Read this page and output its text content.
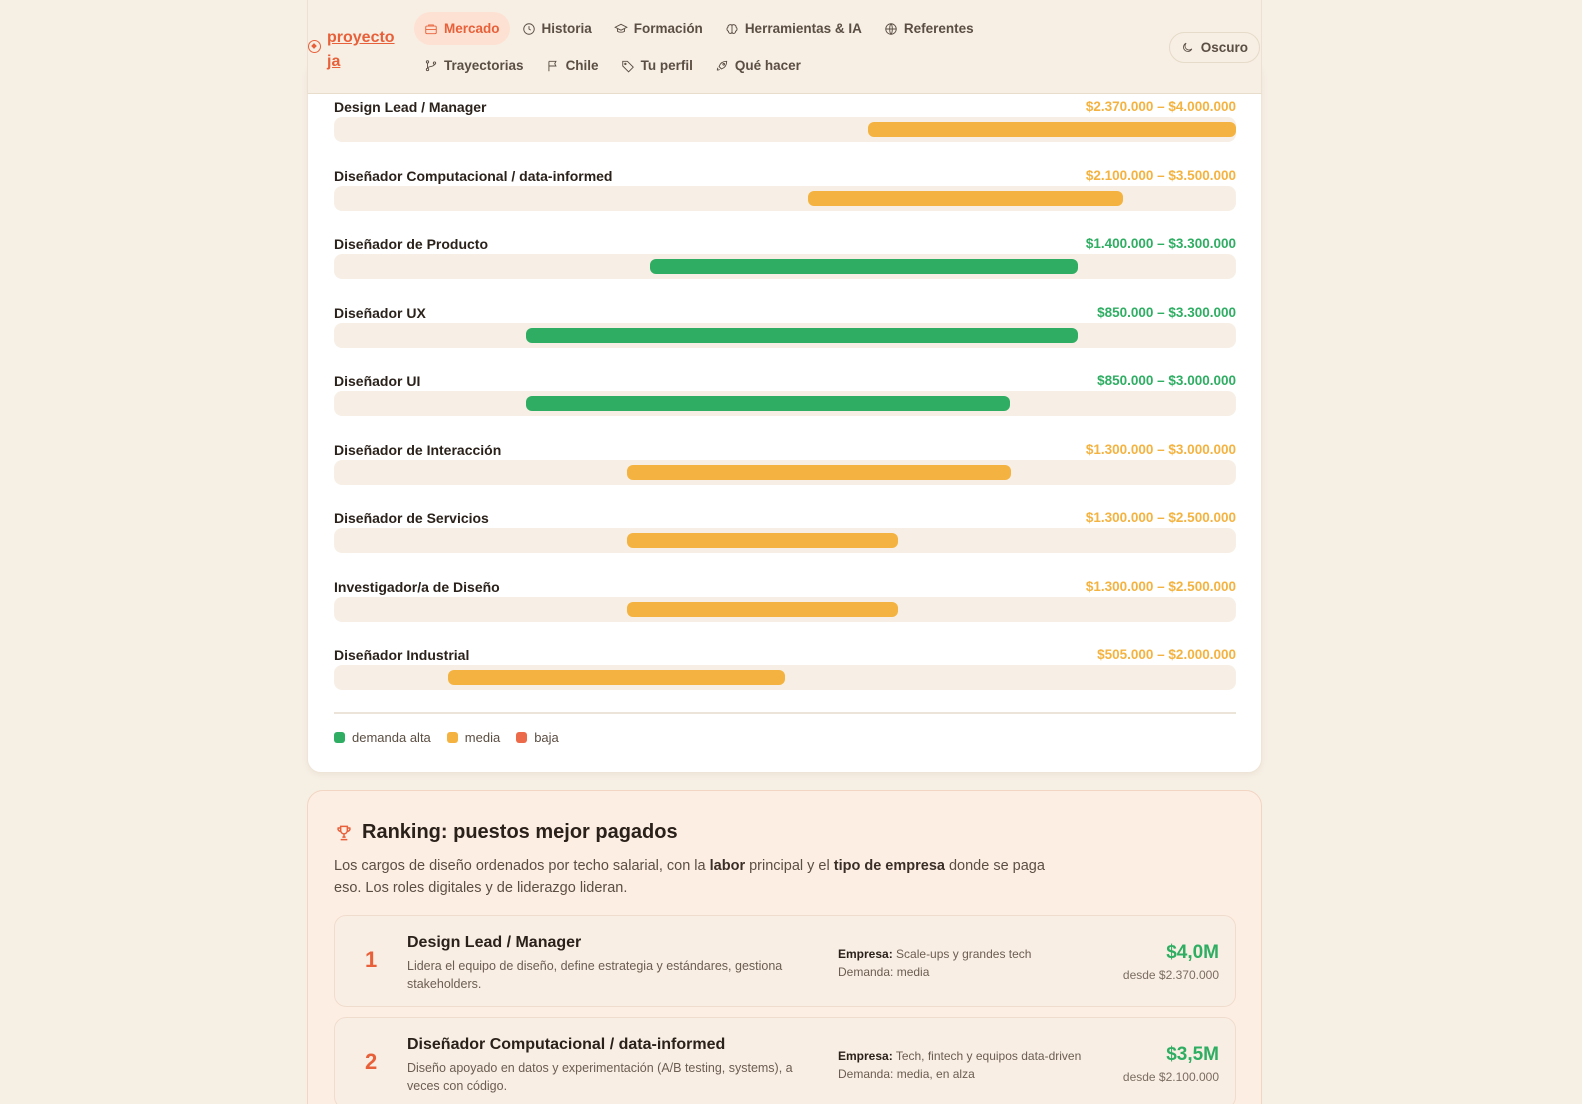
proyecto ja
Mercado	Historia	Formación	Herramientas & IA	Referentes
Trayectorias	Chile	Tu perfil	Qué hacer
Oscuro
Design Lead / Manager	$2.370.000 – $4.000.000
Diseñador Computacional / data-informed	$2.100.000 – $3.500.000
Diseñador de Producto	$1.400.000 – $3.300.000
Diseñador UX	$850.000 – $3.300.000
Diseñador UI	$850.000 – $3.000.000
Diseñador de Interacción	$1.300.000 – $3.000.000
Diseñador de Servicios	$1.300.000 – $2.500.000
Investigador/a de Diseño	$1.300.000 – $2.500.000
Diseñador Industrial	$505.000 – $2.000.000
demanda alta	media	baja
Ranking: puestos mejor pagados
Los cargos de diseño ordenados por techo salarial, con la labor principal y el tipo de empresa donde se paga eso. Los roles digitales y de liderazgo lideran.
1
Design Lead / Manager
Lidera el equipo de diseño, define estrategia y estándares, gestiona stakeholders.
Empresa: Scale-ups y grandes tech
Demanda: media
$4,0M
desde $2.370.000
2
Diseñador Computacional / data-informed
Diseño apoyado en datos y experimentación (A/B testing, systems), a veces con código.
Empresa: Tech, fintech y equipos data-driven
Demanda: media, en alza
$3,5M
desde $2.100.000
